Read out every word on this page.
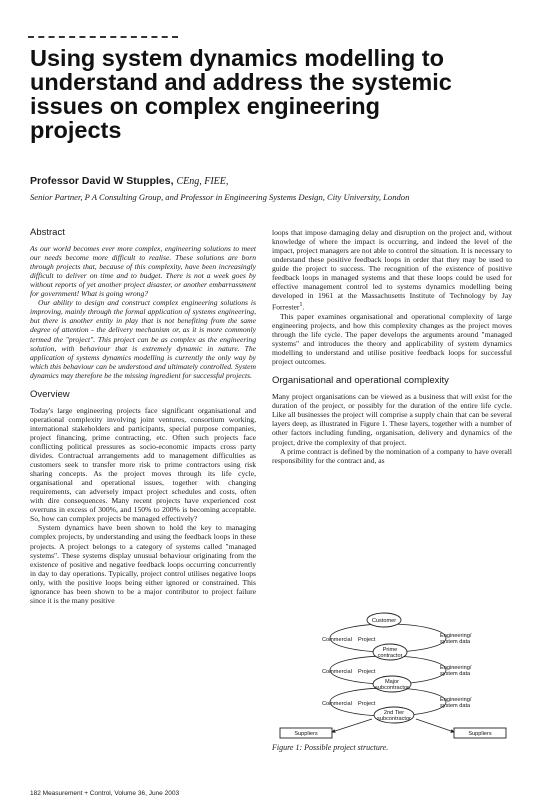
Using system dynamics modelling to understand and address the systemic issues on complex engineering projects
Professor David W Stupples, CEng, FIEE,
Senior Partner, P A Consulting Group, and Professor in Engineering Systems Design, City University, London
Abstract

As our world becomes ever more complex, engineering solutions to meet our needs become more difficult to realise. These solutions are born through projects that, because of this complexity, have been increasingly difficult to deliver on time and to budget. There is not a week goes by without reports of yet another project disaster, or another embarrassment for government! What is going wrong?

Our ability to design and construct complex engineering solutions is improving, mainly through the formal application of systems engineering, but there is another entity in play that is not benefiting from the same degree of attention - the delivery mechanism or, as it is more commonly termed the "project". This project can be as complex as the engineering solution, with behaviour that is extremely dynamic in nature. The application of systems dynamics modelling is currently the only way by which this behaviour can be understood and ultimately controlled. System dynamics may therefore be the missing ingredient for successful projects.

Overview

Today's large engineering projects face significant organisational and operational complexity involving joint ventures, consortium working, international stakeholders and participants, special purpose companies, project financing, prime contracting, etc. Often such projects face conflicting political pressures as socio-economic impacts cross party divides. Contractual arrangements add to management difficulties as customers seek to transfer more risk to prime contractors using risk sharing concepts. As the project moves through its life cycle, organisational and operational issues, together with changing requirements, can adversely impact project schedules and costs, often with dire consequences. Many recent projects have experienced cost overruns in excess of 300%, and 150% to 200% is becoming acceptable. So, how can complex projects be managed effectively?

System dynamics have been shown to hold the key to managing complex projects, by understanding and using the feedback loops in these projects. A project belongs to a category of systems called "managed systems". These systems display unusual behaviour originating from the existence of positive and negative feedback loops occurring concurrently in day to day operations. Typically, project control utilises negative loops only, with the positive loops being either ignored or constrained. This ignorance has been shown to be a major contributor to project failure since it is the many positive

loops that impose damaging delay and disruption on the project and, without knowledge of where the impact is occurring, and indeed the level of the impact, project managers are not able to control the situation. It is necessary to understand these positive feedback loops in order that they may be used to guide the project to success. The recognition of the existence of positive feedback loops in managed systems and that these loops could be used for effective management control led to systems dynamics modelling being developed in 1961 at the Massachusetts Institute of Technology by Jay Forrester$^1$.

This paper examines organisational and operational complexity of large engineering projects, and how this complexity changes as the project moves through the life cycle. The paper develops the arguments around "managed systems" and introduces the theory and applicability of system dynamics modelling to understand and utilise positive feedback loops for successful project outcomes.

Organisational and operational complexity

Many project organisations can be viewed as a business that will exist for the duration of the project, or possibly for the duration of the entire life cycle. Like all businesses the project will comprise a supply chain that can be several layers deep, as illustrated in Figure 1. These layers, together with a number of other factors including funding, organisation, delivery and dynamics of the project, drive the complexity of that project.

A prime contract is defined by the nomination of a company to have overall responsibility for the contract and, as

Customer
Commercial Project
Engineering/
system data
Prime
contractor
Commercial Project
Engineering/
system data
Major
subcontractor
Commercial Project
Engineering/
system data
2nd Tier
subcontractor
Suppliers	Suppliers
Figure 1: Possible project structure.
182 Measurement + Control, Volume 36, June 2003
